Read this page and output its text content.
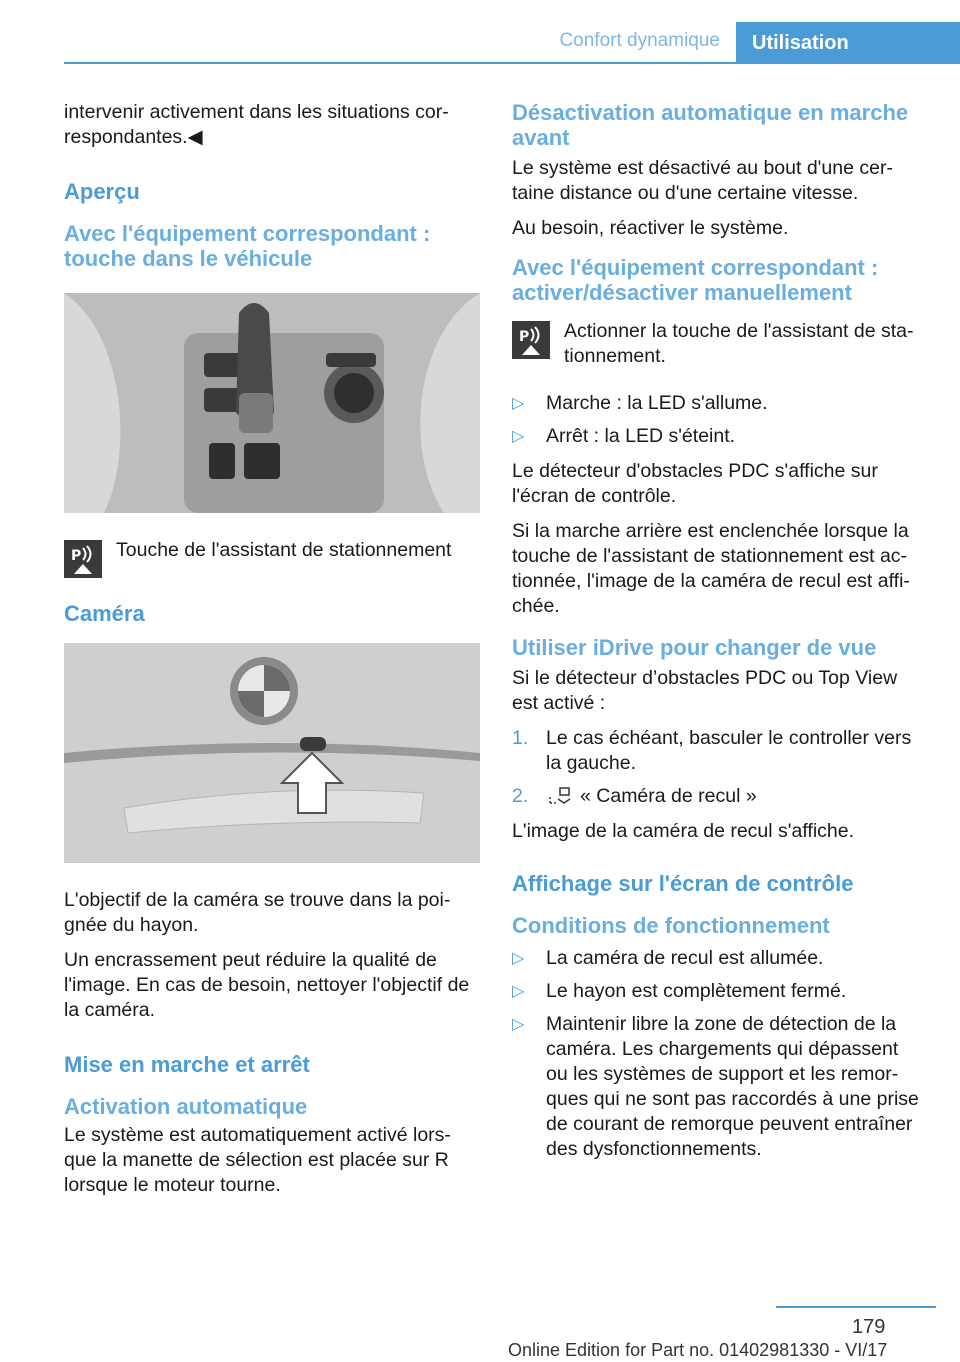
Confort dynamique Utilisation

intervenir activement dans les situations cor‐respondantes.◀

Aperçu
Avec l'équipement correspondant : touche dans le véhicule
P Touche de l'assistant de stationnement

Caméra

L'objectif de la caméra se trouve dans la poi‐gnée du hayon.

Un encrassement peut réduire la qualité de l'image. En cas de besoin, nettoyer l'objectif de la caméra.

Mise en marche et arrêt
Activation automatique

Le système est automatiquement activé lors‐que la manette de sélection est placée sur R lorsque le moteur tourne.

Désactivation automatique en marche avant

Le système est désactivé au bout d'une cer‐taine distance ou d'une certaine vitesse.

Au besoin, réactiver le système.

Avec l'équipement correspondant : activer/désactiver manuellement
P Actionner la touche de l'assistant de sta‐tionnement.

▷	Marche : la LED s'allume.
▷	Arrêt : la LED s'éteint.

Le détecteur d'obstacles PDC s'affiche sur l'écran de contrôle.

Si la marche arrière est enclenchée lorsque la touche de l'assistant de stationnement est ac‐tionnée, l'image de la caméra de recul est affi‐chée.

Utiliser iDrive pour changer de vue

Si le détecteur d’obstacles PDC ou Top View est activé :

1. Le cas échéant, basculer le controller vers la gauche.
2.	« Caméra de recul »

L'image de la caméra de recul s'affiche.

Affichage sur l'écran de contrôle
Conditions de fonctionnement
▷	La caméra de recul est allumée.
▷	Le hayon est complètement fermé.
▷	Maintenir libre la zone de détection de la caméra. Les chargements qui dépassent ou les systèmes de support et les remor‐ques qui ne sont pas raccordés à une prise de courant de remorque peuvent entraîner des dysfonctionnements.
179
Online Edition for Part no. 01402981330 - VI/17
